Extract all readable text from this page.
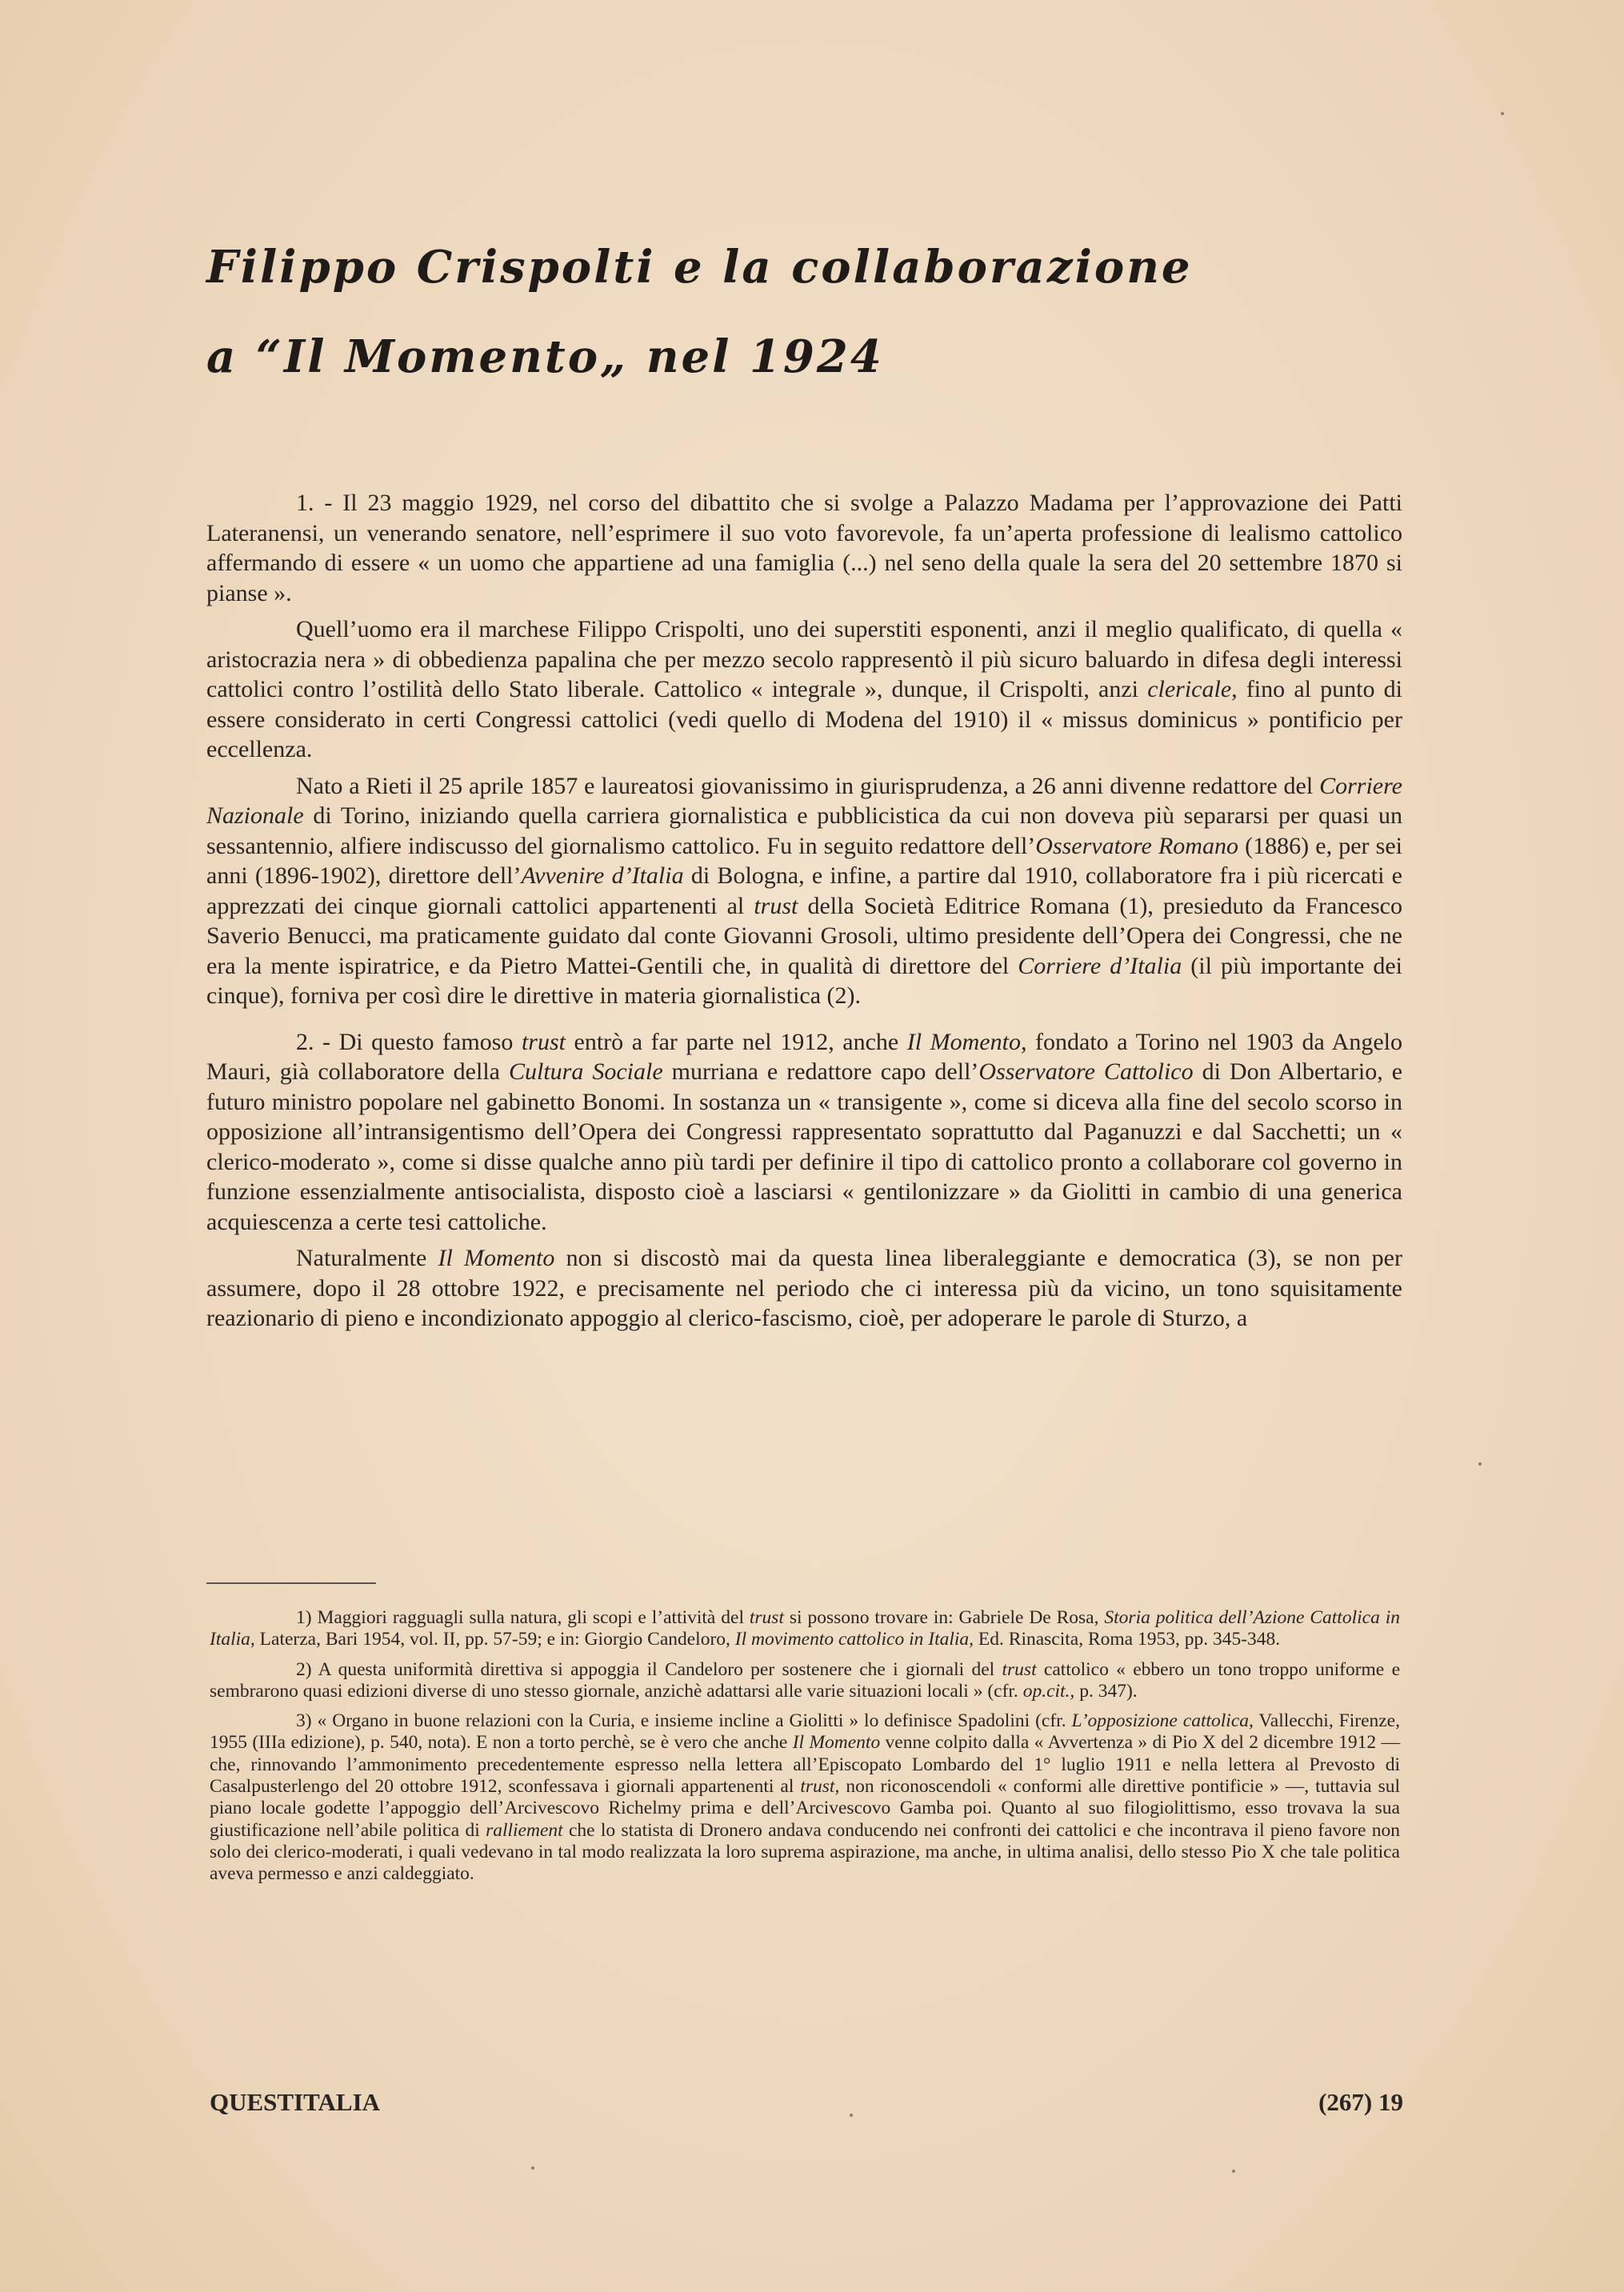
Filippo Crispolti e la collaborazione
a “Il Momento„ nel 1924

1. - Il 23 maggio 1929, nel corso del dibattito che si svolge a Palazzo Madama per l’approvazione dei Patti Lateranensi, un venerando senatore, nell’esprimere il suo voto favorevole, fa un’aperta professione di lealismo cattolico affermando di essere « un uomo che appartiene ad una famiglia (...) nel seno della quale la sera del 20 settembre 1870 si pianse ».

Quell’uomo era il marchese Filippo Crispolti, uno dei superstiti esponenti, anzi il meglio qualificato, di quella « aristocrazia nera » di obbedienza papalina che per mezzo secolo rappresentò il più sicuro baluardo in difesa degli interessi cattolici contro l’ostilità dello Stato liberale. Cattolico « integrale », dunque, il Crispolti, anzi clericale, fino al punto di essere considerato in certi Congressi cattolici (vedi quello di Modena del 1910) il « missus dominicus » pontificio per eccellenza.

Nato a Rieti il 25 aprile 1857 e laureatosi giovanissimo in giurisprudenza, a 26 anni divenne redattore del Corriere Nazionale di Torino, iniziando quella carriera giornalistica e pubblicistica da cui non doveva più separarsi per quasi un sessantennio, alfiere indiscusso del giornalismo cattolico. Fu in seguito redattore dell’Osservatore Romano (1886) e, per sei anni (1896-1902), direttore dell’Avvenire d’Italia di Bologna, e infine, a partire dal 1910, collaboratore fra i più ricercati e apprezzati dei cinque giornali cattolici appartenenti al trust della Società Editrice Romana (1), presieduto da Francesco Saverio Benucci, ma praticamente guidato dal conte Giovanni Grosoli, ultimo presidente dell’Opera dei Congressi, che ne era la mente ispiratrice, e da Pietro Mattei-Gentili che, in qualità di direttore del Corriere d’Italia (il più importante dei cinque), forniva per così dire le direttive in materia giornalistica (2).

2. - Di questo famoso trust entrò a far parte nel 1912, anche Il Momento, fondato a Torino nel 1903 da Angelo Mauri, già collaboratore della Cultura Sociale murriana e redattore capo dell’Osservatore Cattolico di Don Albertario, e futuro ministro popolare nel gabinetto Bonomi. In sostanza un « transigente », come si diceva alla fine del secolo scorso in opposizione all’intransigentismo dell’Opera dei Congressi rappresentato soprattutto dal Paganuzzi e dal Sacchetti; un « clerico-moderato », come si disse qualche anno più tardi per definire il tipo di cattolico pronto a collaborare col governo in funzione essenzialmente antisocialista, disposto cioè a lasciarsi « gentilonizzare » da Giolitti in cambio di una generica acquiescenza a certe tesi cattoliche.

Naturalmente Il Momento non si discostò mai da questa linea liberaleggiante e democratica (3), se non per assumere, dopo il 28 ottobre 1922, e precisamente nel periodo che ci interessa più da vicino, un tono squisitamente reazionario di pieno e incondizionato appoggio al clerico-fascismo, cioè, per adoperare le parole di Sturzo, a

1) Maggiori ragguagli sulla natura, gli scopi e l’attività del trust si possono trovare in: Gabriele De Rosa, Storia politica dell’Azione Cattolica in Italia, Laterza, Bari 1954, vol. II, pp. 57-59; e in: Giorgio Candeloro, Il movimento cattolico in Italia, Ed. Rinascita, Roma 1953, pp. 345-348.

2) A questa uniformità direttiva si appoggia il Candeloro per sostenere che i giornali del trust cattolico « ebbero un tono troppo uniforme e sembrarono quasi edizioni diverse di uno stesso giornale, anzichè adattarsi alle varie situazioni locali » (cfr. op.cit., p. 347).

3) « Organo in buone relazioni con la Curia, e insieme incline a Giolitti » lo definisce Spadolini (cfr. L’opposizione cattolica, Vallecchi, Firenze, 1955 (IIIa edizione), p. 540, nota). E non a torto perchè, se è vero che anche Il Momento venne colpito dalla « Avvertenza » di Pio X del 2 dicembre 1912 — che, rinnovando l’ammonimento precedentemente espresso nella lettera all’Episcopato Lombardo del 1° luglio 1911 e nella lettera al Prevosto di Casalpusterlengo del 20 ottobre 1912, sconfessava i giornali appartenenti al trust, non riconoscendoli « conformi alle direttive pontificie » —, tuttavia sul piano locale godette l’appoggio dell’Arcivescovo Richelmy prima e dell’Arcivescovo Gamba poi. Quanto al suo filogiolittismo, esso trovava la sua giustificazione nell’abile politica di ralliement che lo statista di Dronero andava conducendo nei confronti dei cattolici e che incontrava il pieno favore non solo dei clerico-moderati, i quali vedevano in tal modo realizzata la loro suprema aspirazione, ma anche, in ultima analisi, dello stesso Pio X che tale politica aveva permesso e anzi caldeggiato.

QUESTITALIA	(267) 19
